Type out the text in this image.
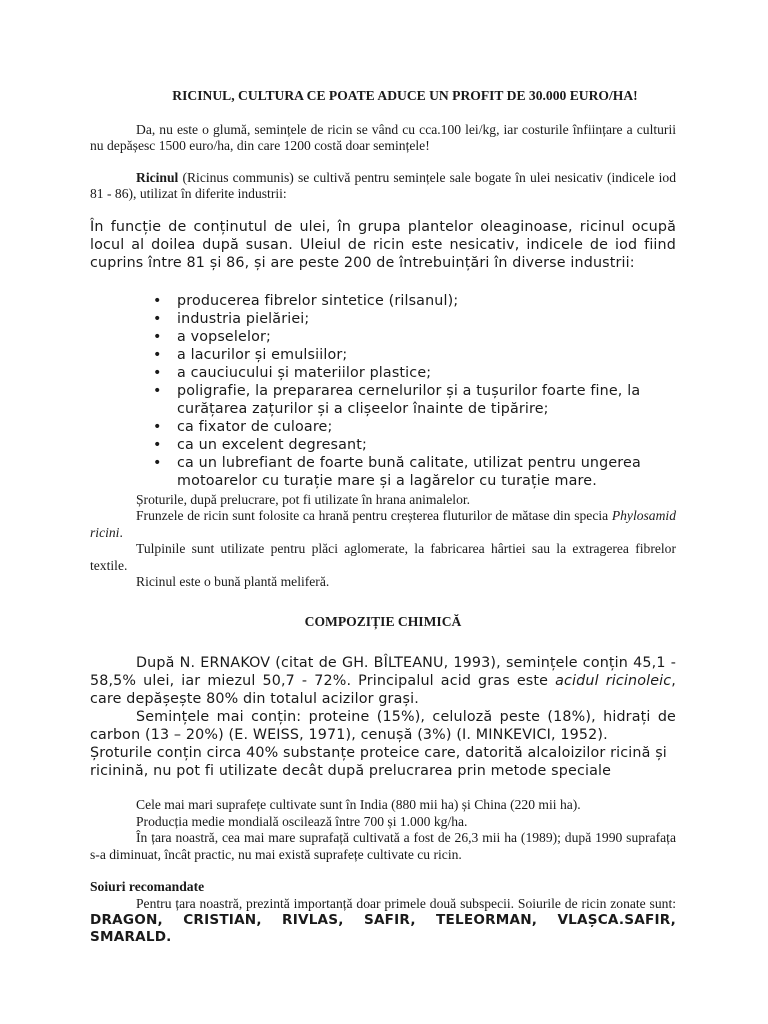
RICINUL, CULTURA CE POATE ADUCE UN PROFIT DE 30.000 EURO/HA!

Da, nu este o glumă, semințele de ricin se vând cu cca.100 lei/kg, iar costurile înființare a culturii nu depășesc 1500 euro/ha, din care 1200 costă doar semințele!

Ricinul (Ricinus communis) se cultivă pentru semințele sale bogate în ulei nesicativ (indicele iod 81 - 86), utilizat în diferite industrii:

În funcție de conținutul de ulei, în grupa plantelor oleaginoase, ricinul ocupă locul al doilea după susan. Uleiul de ricin este nesicativ, indicele de iod fiind cuprins între 81 și 86, și are peste 200 de întrebuințări în diverse industrii:

• producerea fibrelor sintetice (rilsanul);
• industria pielăriei;
• a vopselelor;
• a lacurilor și emulsiilor;
• a cauciucului și materiilor plastice;
• poligrafie, la prepararea cernelurilor și a tușurilor foarte fine, la curățarea zațurilor și a clișeelor înainte de tipărire;
• ca fixator de culoare;
• ca un excelent degresant;
• ca un lubrefiant de foarte bună calitate, utilizat pentru ungerea motoarelor cu turație mare și a lagărelor cu turație mare.

Șroturile, după prelucrare, pot fi utilizate în hrana animalelor.

Frunzele de ricin sunt folosite ca hrană pentru creșterea fluturilor de mătase din specia Phylosamid ricini.

Tulpinile sunt utilizate pentru plăci aglomerate, la fabricarea hârtiei sau la extragerea fibrelor textile.

Ricinul este o bună plantă meliferă.

COMPOZIȚIE CHIMICĂ

După N. ERNAKOV (citat de GH. BÎLTEANU, 1993), semințele conțin 45,1 - 58,5% ulei, iar miezul 50,7 - 72%. Principalul acid gras este acidul ricinoleic, care depășește 80% din totalul acizilor grași.

Semințele mai conțin: proteine (15%), celuloză peste (18%), hidrați de carbon (13 – 20%) (E. WEISS, 1971), cenușă (3%) (I. MINKEVICI, 1952).

Șroturile conțin circa 40% substanțe proteice care, datorită alcaloizilor ricină și ricinină, nu pot fi utilizate decât după prelucrarea prin metode speciale

Cele mai mari suprafețe cultivate sunt în India (880 mii ha) și China (220 mii ha).

Producția medie mondială oscilează între 700 și 1.000 kg/ha.

În țara noastră, cea mai mare suprafață cultivată a fost de 26,3 mii ha (1989); după 1990 suprafața s-a diminuat, încât practic, nu mai există suprafețe cultivate cu ricin.

Soiuri recomandate

Pentru țara noastră, prezintă importanță doar primele două subspecii. Soiurile de ricin zonate sunt: DRAGON, CRISTIAN, RIVLAS, SAFIR, TELEORMAN, VLAȘCA.SAFIR, SMARALD.
